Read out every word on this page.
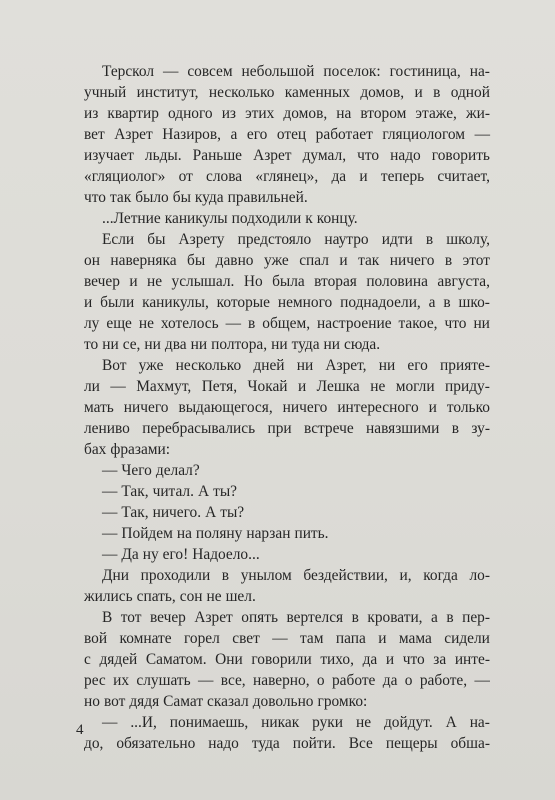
Терскол — совсем небольшой поселок: гостиница, на-
учный институт, несколько каменных домов, и в одной
из квартир одного из этих домов, на втором этаже, жи-
вет Азрет Назиров, а его отец работает гляциологом —
изучает льды. Раньше Азрет думал, что надо говорить
«гляциолог» от слова «глянец», да и теперь считает,
что так было бы куда правильней.
...Летние каникулы подходили к концу.
Если бы Азрету предстояло наутро идти в школу,
он наверняка бы давно уже спал и так ничего в этот
вечер и не услышал. Но была вторая половина августа,
и были каникулы, которые немного поднадоели, а в шко-
лу еще не хотелось — в общем, настроение такое, что ни
то ни се, ни два ни полтора, ни туда ни сюда.
Вот уже несколько дней ни Азрет, ни его прияте-
ли — Махмут, Петя, Чокай и Лешка не могли приду-
мать ничего выдающегося, ничего интересного и только
лениво перебрасывались при встрече навязшими в зу-
бах фразами:
— Чего делал?
— Так, читал. А ты?
— Так, ничего. А ты?
— Пойдем на поляну нарзан пить.
— Да ну его! Надоело...
Дни проходили в унылом бездействии, и, когда ло-
жились спать, сон не шел.
В тот вечер Азрет опять вертелся в кровати, а в пер-
вой комнате горел свет — там папа и мама сидели
с дядей Саматом. Они говорили тихо, да и что за инте-
рес их слушать — все, наверно, о работе да о работе, —
но вот дядя Самат сказал довольно громко:
— ...И, понимаешь, никак руки не дойдут. А на-
до, обязательно надо туда пойти. Все пещеры обша-
4
